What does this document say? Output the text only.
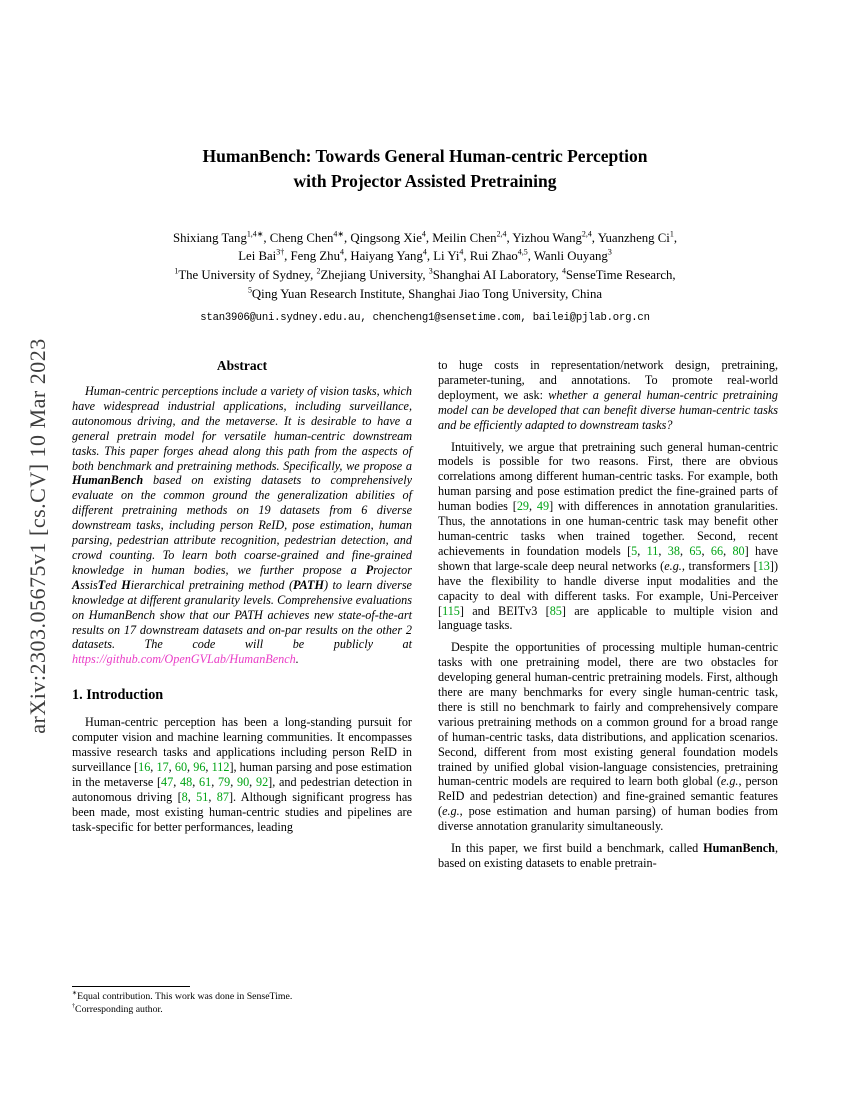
arXiv:2303.05675v1 [cs.CV] 10 Mar 2023
HumanBench: Towards General Human-centric Perception
with Projector Assisted Pretraining
Shixiang Tang$^{1,4∗}$, Cheng Chen$^{4∗}$, Qingsong Xie$^4$, Meilin Chen$^{2,4}$, Yizhou Wang$^{2,4}$, Yuanzheng Ci$^1$,
Lei Bai$^{3\dagger}$, Feng Zhu$^4$, Haiyang Yang$^4$, Li Yi$^4$, Rui Zhao$^{4,5}$, Wanli Ouyang$^3$
$^1$The University of Sydney, $^2$Zhejiang University, $^3$Shanghai AI Laboratory, $^4$SenseTime Research,
$^5$Qing Yuan Research Institute, Shanghai Jiao Tong University, China
stan3906@uni.sydney.edu.au, chencheng1@sensetime.com, bailei@pjlab.org.cn
Abstract

Human-centric perceptions include a variety of vision tasks, which have widespread industrial applications, including surveillance, autonomous driving, and the metaverse. It is desirable to have a general pretrain model for versatile human-centric downstream tasks. This paper forges ahead along this path from the aspects of both benchmark and pretraining methods. Specifically, we propose a HumanBench based on existing datasets to comprehensively evaluate on the common ground the generalization abilities of different pretraining methods on 19 datasets from 6 diverse downstream tasks, including person ReID, pose estimation, human parsing, pedestrian attribute recognition, pedestrian detection, and crowd counting. To learn both coarse-grained and fine-grained knowledge in human bodies, we further propose a Projector AssisTed Hierarchical pretraining method (PATH) to learn diverse knowledge at different granularity levels. Comprehensive evaluations on HumanBench show that our PATH achieves new state-of-the-art results on 17 downstream datasets and on-par results on the other 2 datasets. The code will be publicly at https://github.com/OpenGVLab/HumanBench.

1. Introduction

Human-centric perception has been a long-standing pursuit for computer vision and machine learning communities. It encompasses massive research tasks and applications including person ReID in surveillance [16, 17, 60, 96, 112], human parsing and pose estimation in the metaverse [47, 48, 61, 79, 90, 92], and pedestrian detection in autonomous driving [8, 51, 87]. Although significant progress has been made, most existing human-centric studies and pipelines are task-specific for better performances, leading

∗Equal contribution. This work was done in SenseTime.

†Corresponding author.

to huge costs in representation/network design, pretraining, parameter-tuning, and annotations. To promote real-world deployment, we ask: whether a general human-centric pretraining model can be developed that can benefit diverse human-centric tasks and be efficiently adapted to downstream tasks?

Intuitively, we argue that pretraining such general human-centric models is possible for two reasons. First, there are obvious correlations among different human-centric tasks. For example, both human parsing and pose estimation predict the fine-grained parts of human bodies [29, 49] with differences in annotation granularities. Thus, the annotations in one human-centric task may benefit other human-centric tasks when trained together. Second, recent achievements in foundation models [5, 11, 38, 65, 66, 80] have shown that large-scale deep neural networks (e.g., transformers [13]) have the flexibility to handle diverse input modalities and the capacity to deal with different tasks. For example, Uni-Perceiver [115] and BEITv3 [85] are applicable to multiple vision and language tasks.

Despite the opportunities of processing multiple human-centric tasks with one pretraining model, there are two obstacles for developing general human-centric pretraining models. First, although there are many benchmarks for every single human-centric task, there is still no benchmark to fairly and comprehensively compare various pretraining methods on a common ground for a broad range of human-centric tasks, data distributions, and application scenarios. Second, different from most existing general foundation models trained by unified global vision-language consistencies, pretraining human-centric models are required to learn both global (e.g., person ReID and pedestrian detection) and fine-grained semantic features (e.g., pose estimation and human parsing) of human bodies from diverse annotation granularity simultaneously.

In this paper, we first build a benchmark, called HumanBench, based on existing datasets to enable pretrain-
